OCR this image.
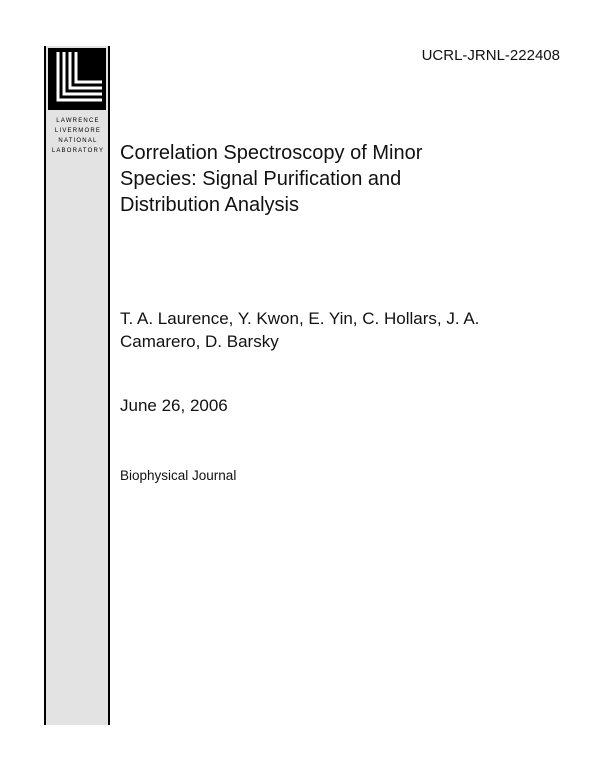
LAWRENCE
LIVERMORE
NATIONAL
LABORATORY
UCRL-JRNL-222408
Correlation Spectroscopy of Minor
Species: Signal Purification and
Distribution Analysis
T. A. Laurence, Y. Kwon, E. Yin, C. Hollars, J. A.
Camarero, D. Barsky
June 26, 2006
Biophysical Journal
